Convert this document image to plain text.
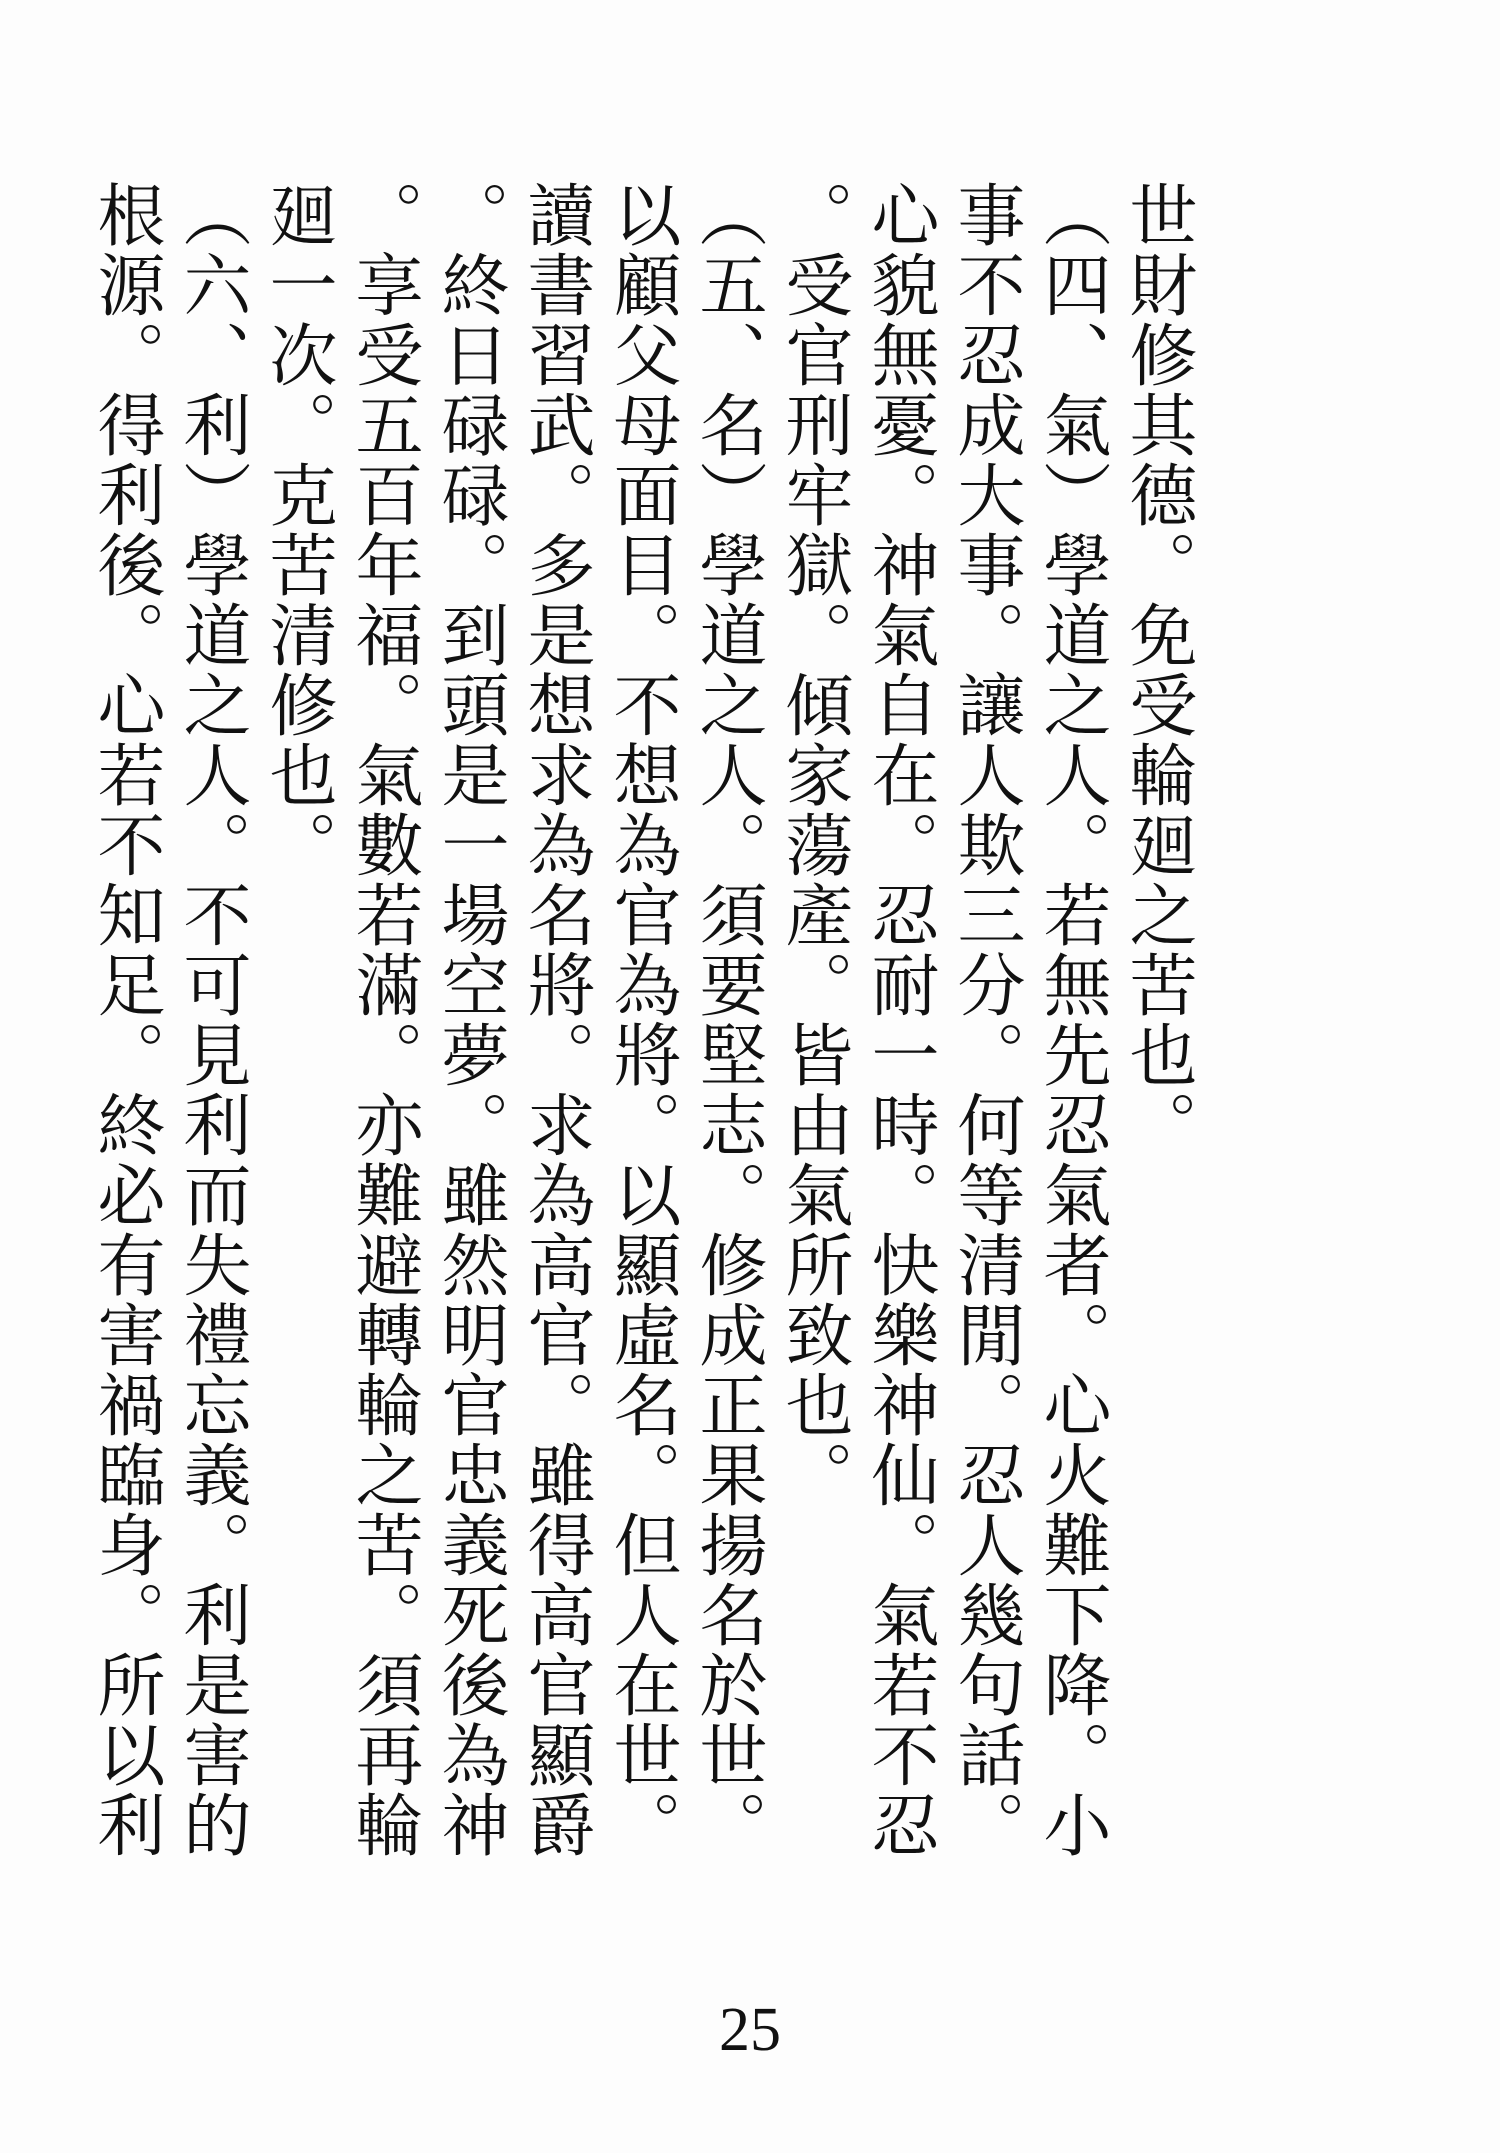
世財修其德。免受輪廻之苦也。
（四、氣）學道之人。若無先忍氣者。心火難下降。小
事不忍成大事。讓人欺三分。何等清閒。忍人幾句話。
心貌無憂。神氣自在。忍耐一時。快樂神仙。氣若不忍
。受官刑牢獄。傾家蕩產。皆由氣所致也。
（五、名）學道之人。須要堅志。修成正果揚名於世。
以顧父母面目。不想為官為將。以顯虛名。但人在世。
讀書習武。多是想求為名將。求為高官。雖得高官顯爵
。終日碌碌。到頭是一場空夢。雖然明官忠義死後為神
。享受五百年福。氣數若滿。亦難避轉輪之苦。須再輪
廻一次。克苦清修也。
（六、利）學道之人。不可見利而失禮忘義。利是害的
根源。得利後。心若不知足。終必有害禍臨身。所以利
25
